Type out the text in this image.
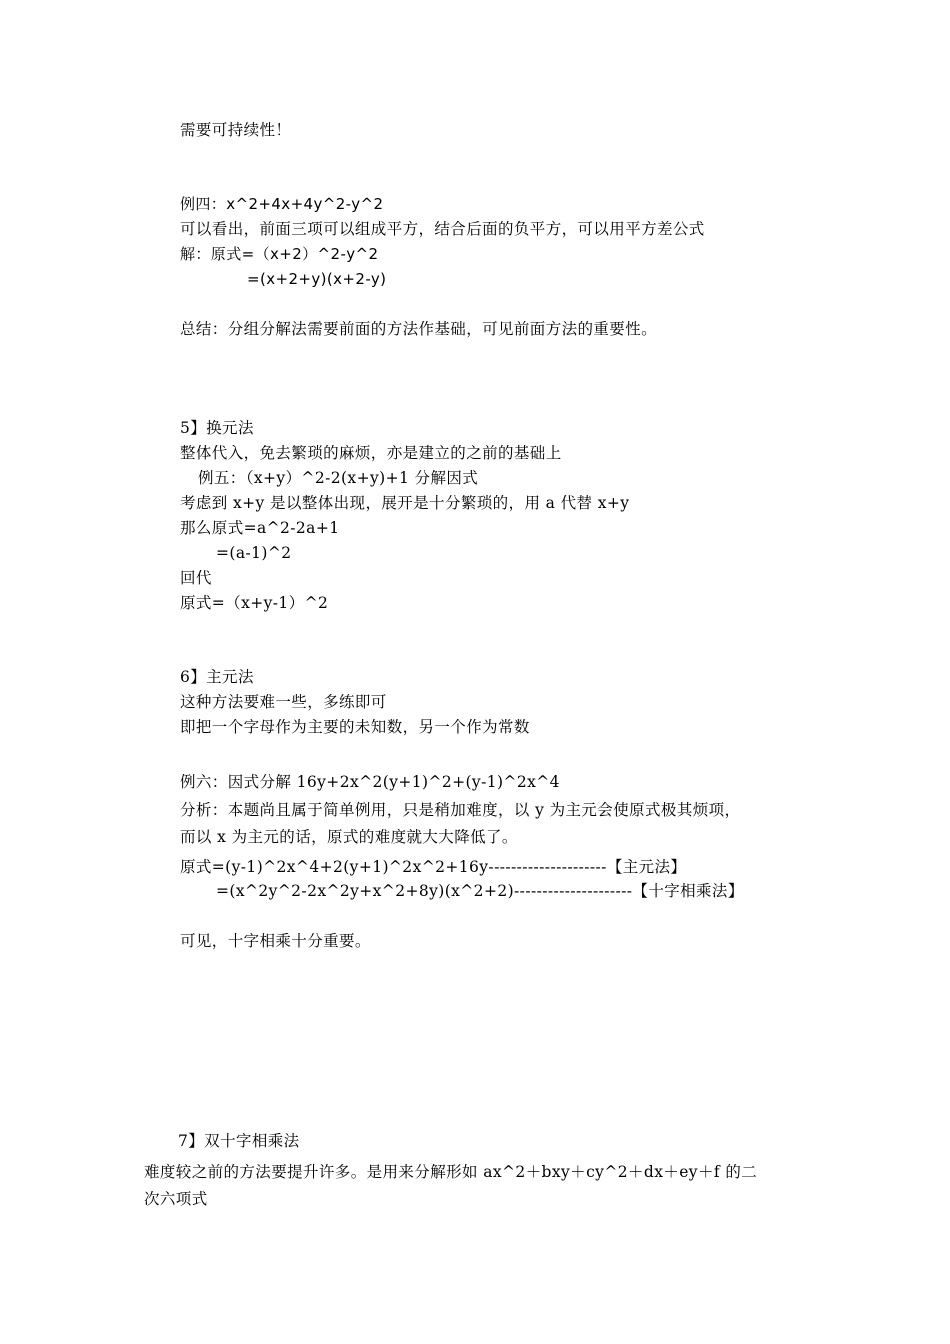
需要可持续性！
例四：x^2+4x+4y^2-y^2
可以看出，前面三项可以组成平方，结合后面的负平方，可以用平方差公式
解：原式=（x+2）^2-y^2
=(x+2+y)(x+2-y)
总结：分组分解法需要前面的方法作基础，可见前面方法的重要性。
5】换元法
整体代入，免去繁琐的麻烦，亦是建立的之前的基础上
例五：（x+y）^2-2(x+y)+1 分解因式
考虑到 x+y 是以整体出现，展开是十分繁琐的，用 a 代替 x+y
那么原式=a^2-2a+1
=(a-1)^2
回代
原式=（x+y-1）^2
6】主元法
这种方法要难一些，多练即可
即把一个字母作为主要的未知数，另一个作为常数
例六：因式分解 16y+2x^2(y+1)^2+(y-1)^2x^4
分析：本题尚且属于简单例用，只是稍加难度，以 y 为主元会使原式极其烦项，
而以 x 为主元的话，原式的难度就大大降低了。
原式=(y-1)^2x^4+2(y+1)^2x^2+16y---------------------【主元法】
=(x^2y^2-2x^2y+x^2+8y)(x^2+2)---------------------【十字相乘法】
可见，十字相乘十分重要。
7】双十字相乘法
难度较之前的方法要提升许多。是用来分解形如 ax^2＋bxy＋cy^2＋dx＋ey＋f 的二
次六项式
